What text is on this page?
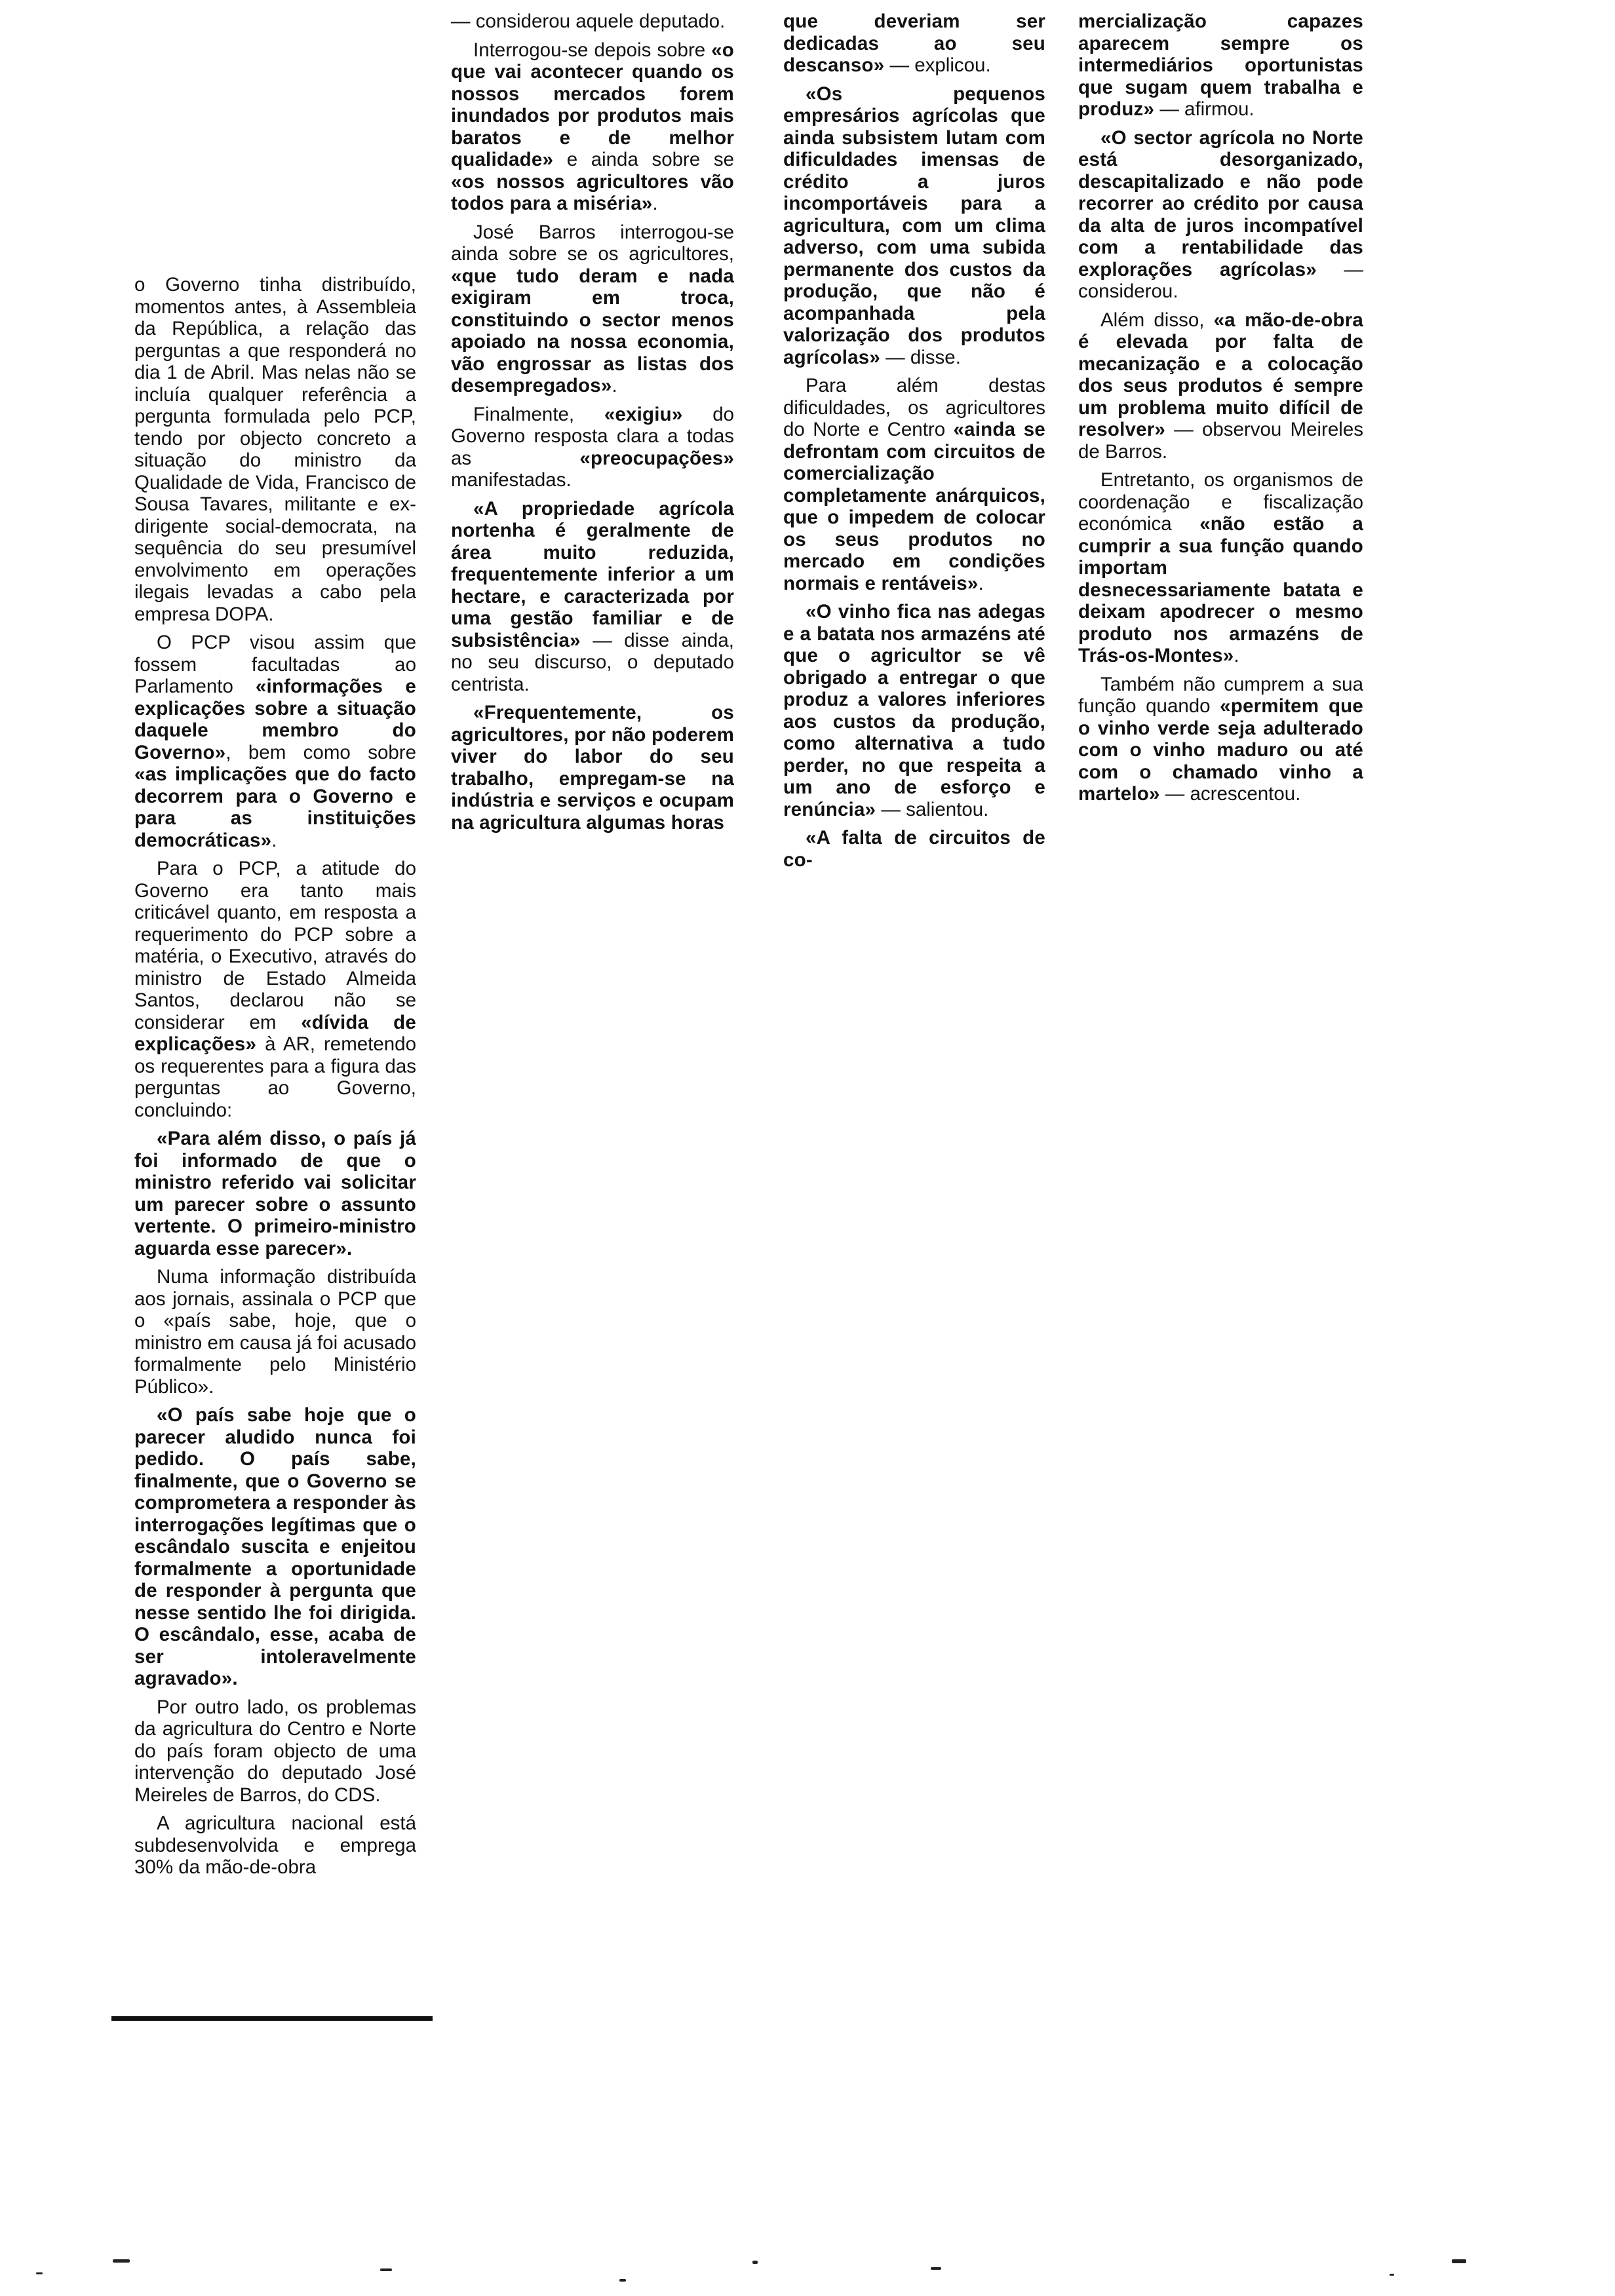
o Governo tinha distribuído, momentos antes, à Assembleia da República, a relação das perguntas a que responderá no dia 1 de Abril. Mas nelas não se incluía qualquer referência a pergunta formulada pelo PCP, tendo por objecto concreto a situação do ministro da Qualidade de Vida, Francisco de Sousa Tavares, militante e ex-dirigente social-democrata, na sequência do seu presumível envolvimento em operações ilegais levadas a cabo pela empresa DOPA.

O PCP visou assim que fossem facultadas ao Parlamento «informações e explicações sobre a situação daquele membro do Governo», bem como sobre «as implicações que do facto decorrem para o Governo e para as instituições democráticas».

Para o PCP, a atitude do Governo era tanto mais criticável quanto, em resposta a requerimento do PCP sobre a matéria, o Executivo, através do ministro de Estado Almeida Santos, declarou não se considerar em «dívida de explicações» à AR, remetendo os requerentes para a figura das perguntas ao Governo, concluindo:

«Para além disso, o país já foi informado de que o ministro referido vai solicitar um parecer sobre o assunto vertente. O primeiro-ministro aguarda esse parecer».

Numa informação distribuída aos jornais, assinala o PCP que o «país sabe, hoje, que o ministro em causa já foi acusado formalmente pelo Ministério Público».

«O país sabe hoje que o parecer aludido nunca foi pedido. O país sabe, finalmente, que o Governo se comprometera a responder às interrogações legítimas que o escândalo suscita e enjeitou formalmente a oportunidade de responder à pergunta que nesse sentido lhe foi dirigida. O escândalo, esse, acaba de ser intoleravelmente agravado».

Por outro lado, os problemas da agricultura do Centro e Norte do país foram objecto de uma intervenção do deputado José Meireles de Barros, do CDS.

A agricultura nacional está subdesenvolvida e emprega 30% da mão-de-obra

— considerou aquele deputado.

Interrogou-se depois sobre «o que vai acontecer quando os nossos mercados forem inundados por produtos mais baratos e de melhor qualidade» e ainda sobre se «os nossos agricultores vão todos para a miséria».

José Barros interrogou-se ainda sobre se os agricultores, «que tudo deram e nada exigiram em troca, constituindo o sector menos apoiado na nossa economia, vão engrossar as listas dos desempregados».

Finalmente, «exigiu» do Governo resposta clara a todas as «preocupações» manifestadas.

«A propriedade agrícola nortenha é geralmente de área muito reduzida, frequentemente inferior a um hectare, e caracterizada por uma gestão familiar e de subsistência» — disse ainda, no seu discurso, o deputado centrista.

«Frequentemente, os agricultores, por não poderem viver do labor do seu trabalho, empregam-se na indústria e serviços e ocupam na agricultura algumas horas

que deveriam ser dedicadas ao seu descanso» — explicou.

«Os pequenos empresários agrícolas que ainda subsistem lutam com dificuldades imensas de crédito a juros incomportáveis para a agricultura, com um clima adverso, com uma subida permanente dos custos da produção, que não é acompanhada pela valorização dos produtos agrícolas» — disse.

Para além destas dificuldades, os agricultores do Norte e Centro «ainda se defrontam com circuitos de comercialização completamente anárquicos, que o impedem de colocar os seus produtos no mercado em condições normais e rentáveis».

«O vinho fica nas adegas e a batata nos armazéns até que o agricultor se vê obrigado a entregar o que produz a valores inferiores aos custos da produção, como alternativa a tudo perder, no que respeita a um ano de esforço e renúncia» — salientou.

«A falta de circuitos de co-

mercialização capazes aparecem sempre os intermediários oportunistas que sugam quem trabalha e produz» — afirmou.

«O sector agrícola no Norte está desorganizado, descapitalizado e não pode recorrer ao crédito por causa da alta de juros incompatível com a rentabilidade das explorações agrícolas» — considerou.

Além disso, «a mão-de-obra é elevada por falta de mecanização e a colocação dos seus produtos é sempre um problema muito difícil de resolver» — observou Meireles de Barros.

Entretanto, os organismos de coordenação e fiscalização económica «não estão a cumprir a sua função quando importam desnecessariamente batata e deixam apodrecer o mesmo produto nos armazéns de Trás-os-Montes».

Também não cumprem a sua função quando «permitem que o vinho verde seja adulterado com o vinho maduro ou até com o chamado vinho a martelo» — acrescentou.
